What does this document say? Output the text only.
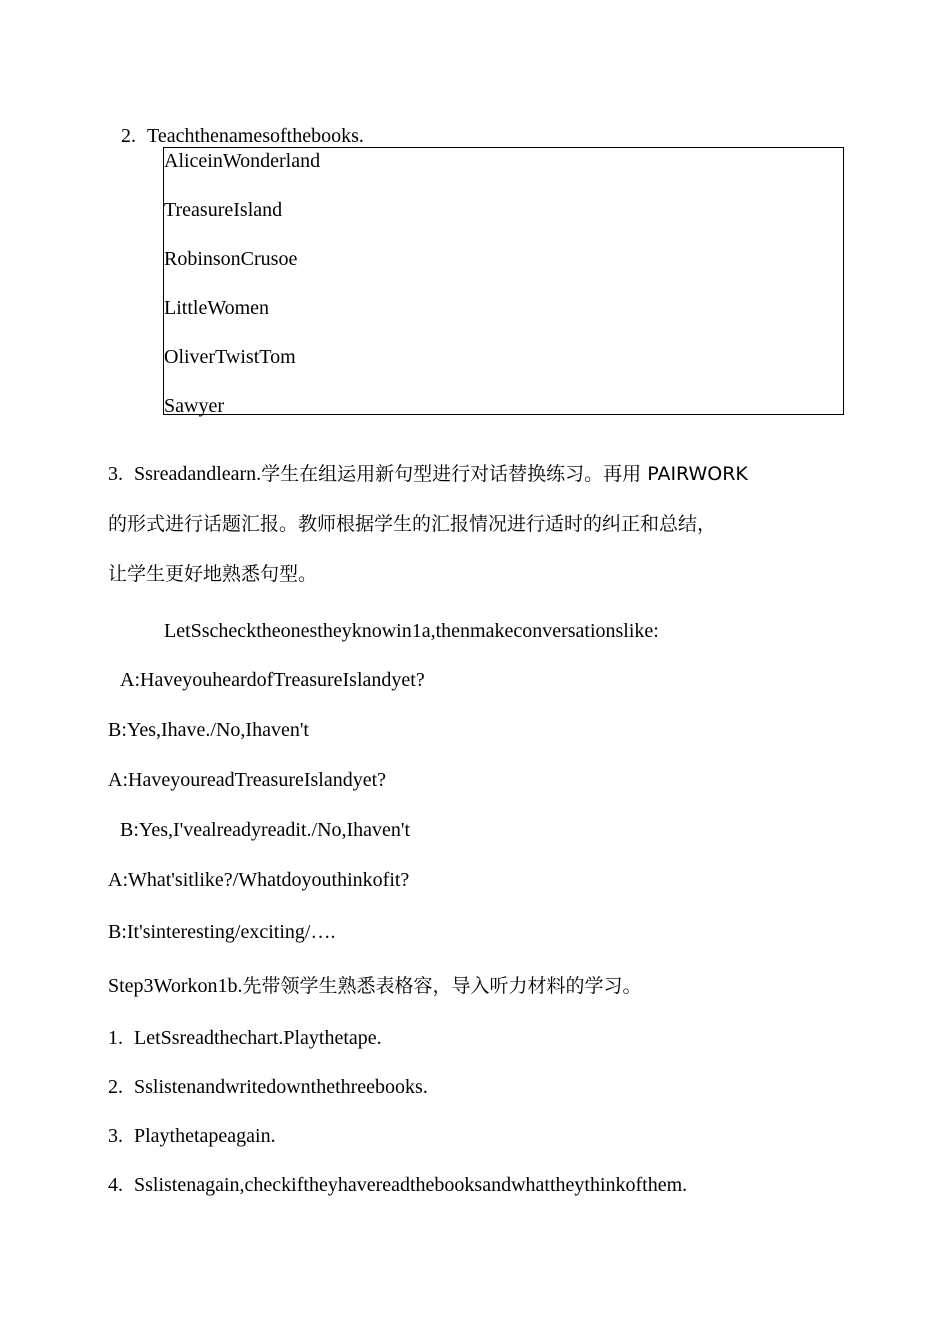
2. Teachthenamesofthebooks.
AliceinWonderland
TreasureIsland
RobinsonCrusoe
LittleWomen
OliverTwistTom
Sawyer
3. Ssreadandlearn.学生在组运用新句型进行对话替换练习。再用 PAIRWORK
的形式进行话题汇报。教师根据学生的汇报情况进行适时的纠正和总结，
让学生更好地熟悉句型。
LetSschecktheonestheyknowin1a,thenmakeconversationslike:
A:HaveyouheardofTreasureIslandyet?
B:Yes,Ihave./No,Ihaven't
A:HaveyoureadTreasureIslandyet?
B:Yes,I'vealreadyreadit./No,Ihaven't
A:What'sitlike?/Whatdoyouthinkofit?
B:It'sinteresting/exciting/….
Step3Workon1b.先带领学生熟悉表格容，导入听力材料的学习。
1. LetSsreadthechart.Playthetape.
2. Sslistenandwritedownthethreebooks.
3. Playthetapeagain.
4. Sslistenagain,checkiftheyhavereadthebooksandwhattheythinkofthem.
